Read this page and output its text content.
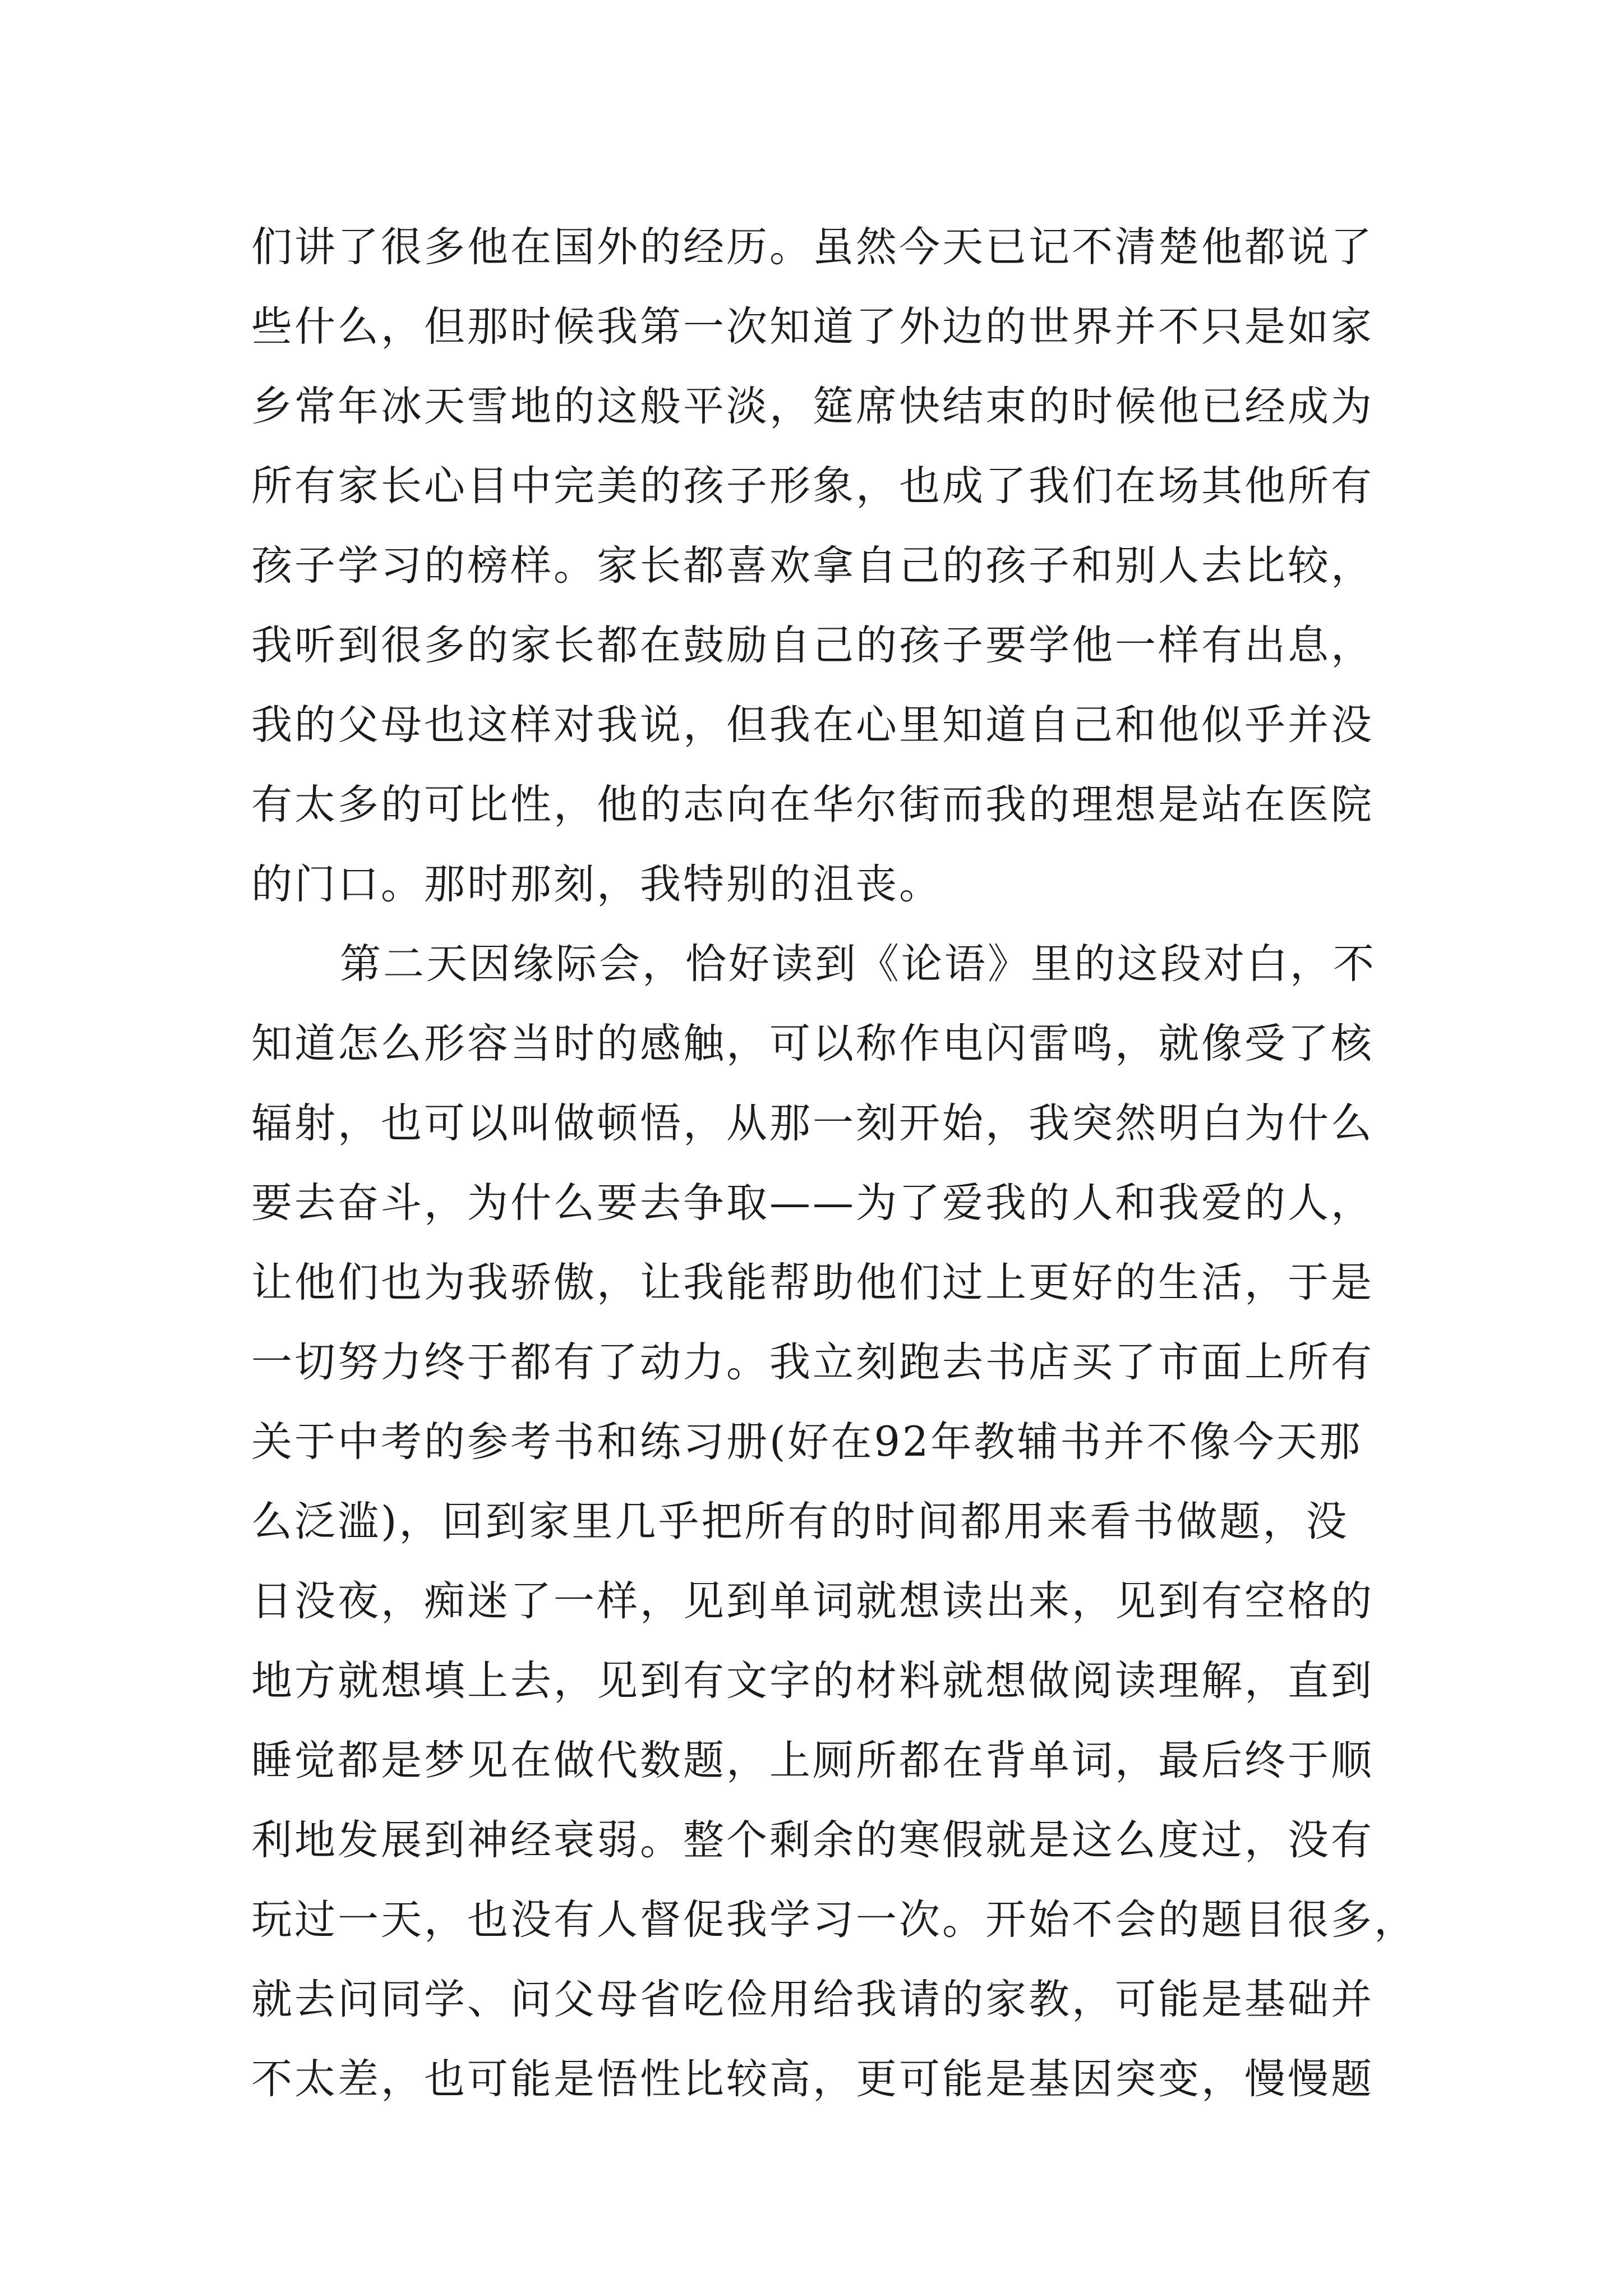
们讲了很多他在国外的经历。虽然今天已记不清楚他都说了
些什么，但那时候我第一次知道了外边的世界并不只是如家
乡常年冰天雪地的这般平淡，筵席快结束的时候他已经成为
所有家长心目中完美的孩子形象，也成了我们在场其他所有
孩子学习的榜样。家长都喜欢拿自己的孩子和别人去比较，
我听到很多的家长都在鼓励自己的孩子要学他一样有出息，
我的父母也这样对我说，但我在心里知道自己和他似乎并没
有太多的可比性，他的志向在华尔街而我的理想是站在医院
的门口。那时那刻，我特别的沮丧。
第二天因缘际会，恰好读到《论语》里的这段对白，不
知道怎么形容当时的感触，可以称作电闪雷鸣，就像受了核
辐射，也可以叫做顿悟，从那一刻开始，我突然明白为什么
要去奋斗，为什么要去争取——为了爱我的人和我爱的人，
让他们也为我骄傲，让我能帮助他们过上更好的生活，于是
一切努力终于都有了动力。我立刻跑去书店买了市面上所有
关于中考的参考书和练习册(好在92年教辅书并不像今天那
么泛滥)，回到家里几乎把所有的时间都用来看书做题，没
日没夜，痴迷了一样，见到单词就想读出来，见到有空格的
地方就想填上去，见到有文字的材料就想做阅读理解，直到
睡觉都是梦见在做代数题，上厕所都在背单词，最后终于顺
利地发展到神经衰弱。整个剩余的寒假就是这么度过，没有
玩过一天，也没有人督促我学习一次。开始不会的题目很多，
就去问同学、问父母省吃俭用给我请的家教，可能是基础并
不太差，也可能是悟性比较高，更可能是基因突变，慢慢题
